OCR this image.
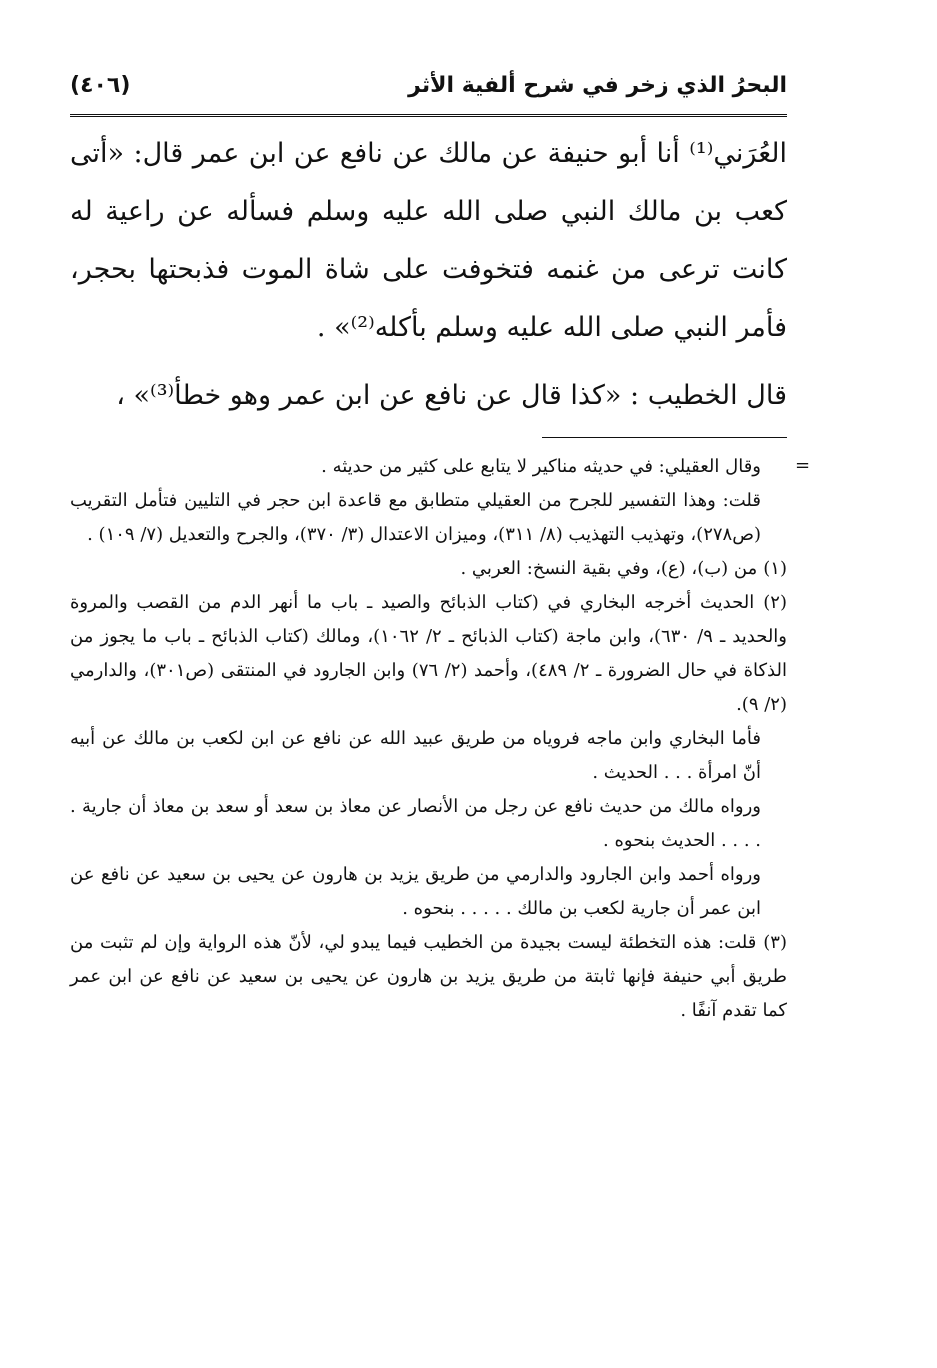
البحرُ الذي زخر في شرح ألفية الأثر
(٤٠٦)

العُرَني⁽¹⁾ أنا أبو حنيفة عن مالك عن نافع عن ابن عمر قال: «أتى كعب بن مالك النبي صلى الله عليه وسلم فسأله عن راعية له كانت ترعى من غنمه فتخوفت على شاة الموت فذبحتها بحجر، فأمر النبي صلى الله عليه وسلم بأكله⁽²⁾» .

قال الخطيب : «كذا قال عن نافع عن ابن عمر وهو خطأ⁽³⁾» ،

=

وقال العقيلي: في حديثه مناكير لا يتابع على كثير من حديثه .

قلت: وهذا التفسير للجرح من العقيلي متطابق مع قاعدة ابن حجر في التليين فتأمل التقريب (ص٢٧٨)، وتهذيب التهذيب (٨/ ٣١١)، وميزان الاعتدال (٣/ ٣٧٠)، والجرح والتعديل (٧/ ١٠٩) .

(١) من (ب)، (ع)، وفي بقية النسخ: العربي .

(٢) الحديث أخرجه البخاري في (كتاب الذبائح والصيد ـ باب ما أنهر الدم من القصب والمروة والحديد ـ ٩/ ٦٣٠)، وابن ماجة (كتاب الذبائح ـ ٢/ ١٠٦٢)، ومالك (كتاب الذبائح ـ باب ما يجوز من الذكاة في حال الضرورة ـ ٢/ ٤٨٩)، وأحمد (٢/ ٧٦) وابن الجارود في المنتقى (ص٣٠١)، والدارمي (٢/ ٩).

فأما البخاري وابن ماجه فروياه من طريق عبيد الله عن نافع عن ابن لكعب بن مالك عن أبيه أنّ امرأة . . . الحديث .

ورواه مالك من حديث نافع عن رجل من الأنصار عن معاذ بن سعد أو سعد بن معاذ أن جارية . . . . . الحديث بنحوه .

ورواه أحمد وابن الجارود والدارمي من طريق يزيد بن هارون عن يحيى بن سعيد عن نافع عن ابن عمر أن جارية لكعب بن مالك . . . . . بنحوه .

(٣) قلت: هذه التخطئة ليست بجيدة من الخطيب فيما يبدو لي، لأنّ هذه الرواية وإن لم تثبت من طريق أبي حنيفة فإنها ثابتة من طريق يزيد بن هارون عن يحيى بن سعيد عن نافع عن ابن عمر كما تقدم آنفًا .
